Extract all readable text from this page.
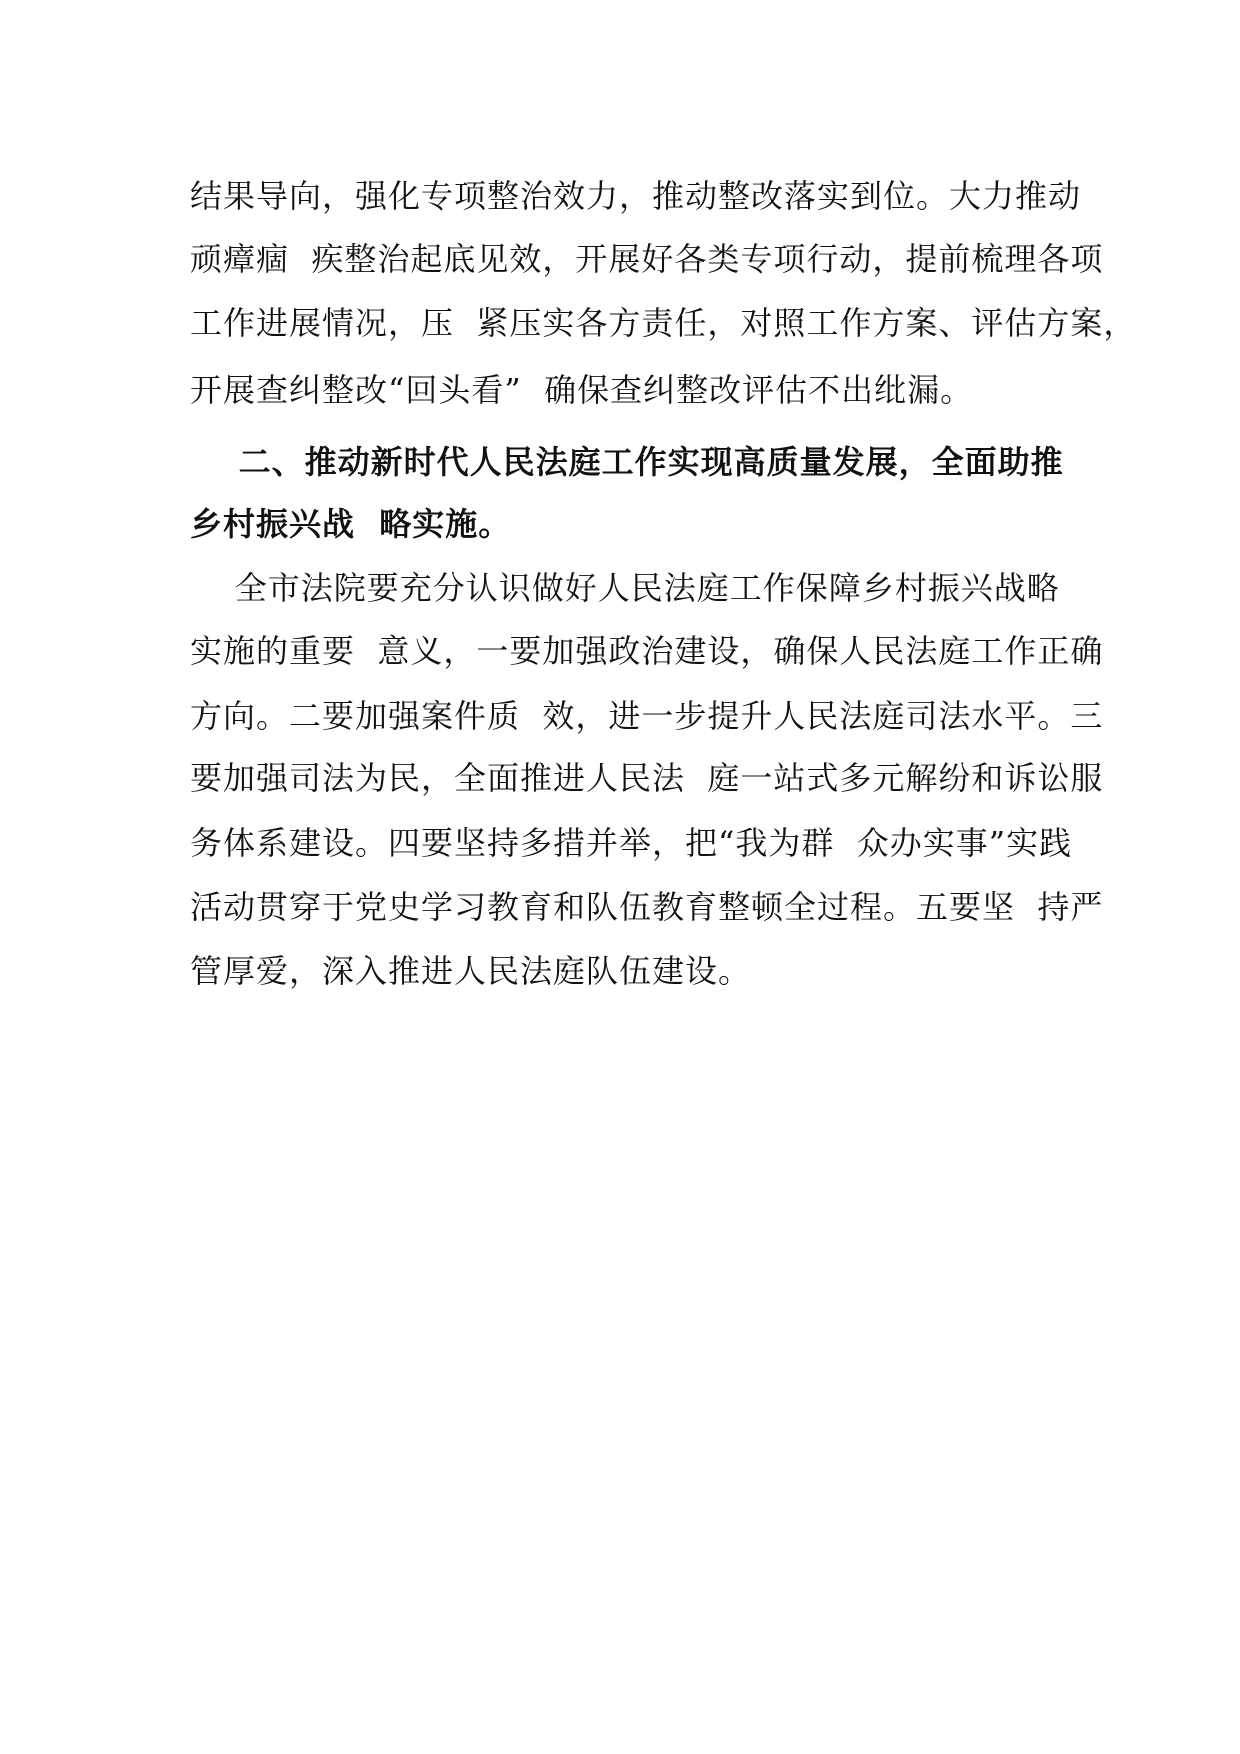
结果导向，强化专项整治效力，推动整改落实到位。大力推动
顽瘴痼  疾整治起底见效，开展好各类专项行动，提前梳理各项
工作进展情况，压  紧压实各方责任，对照工作方案、评估方案，
开展查纠整改“回头看”  确保查纠整改评估不出纰漏。
二、推动新时代人民法庭工作实现高质量发展，全面助推
乡村振兴战  略实施。
全市法院要充分认识做好人民法庭工作保障乡村振兴战略
实施的重要  意义，一要加强政治建设，确保人民法庭工作正确
方向。二要加强案件质  效，进一步提升人民法庭司法水平。三
要加强司法为民，全面推进人民法  庭一站式多元解纷和诉讼服
务体系建设。四要坚持多措并举，把“我为群  众办实事”实践
活动贯穿于党史学习教育和队伍教育整顿全过程。五要坚  持严
管厚爱，深入推进人民法庭队伍建设。
